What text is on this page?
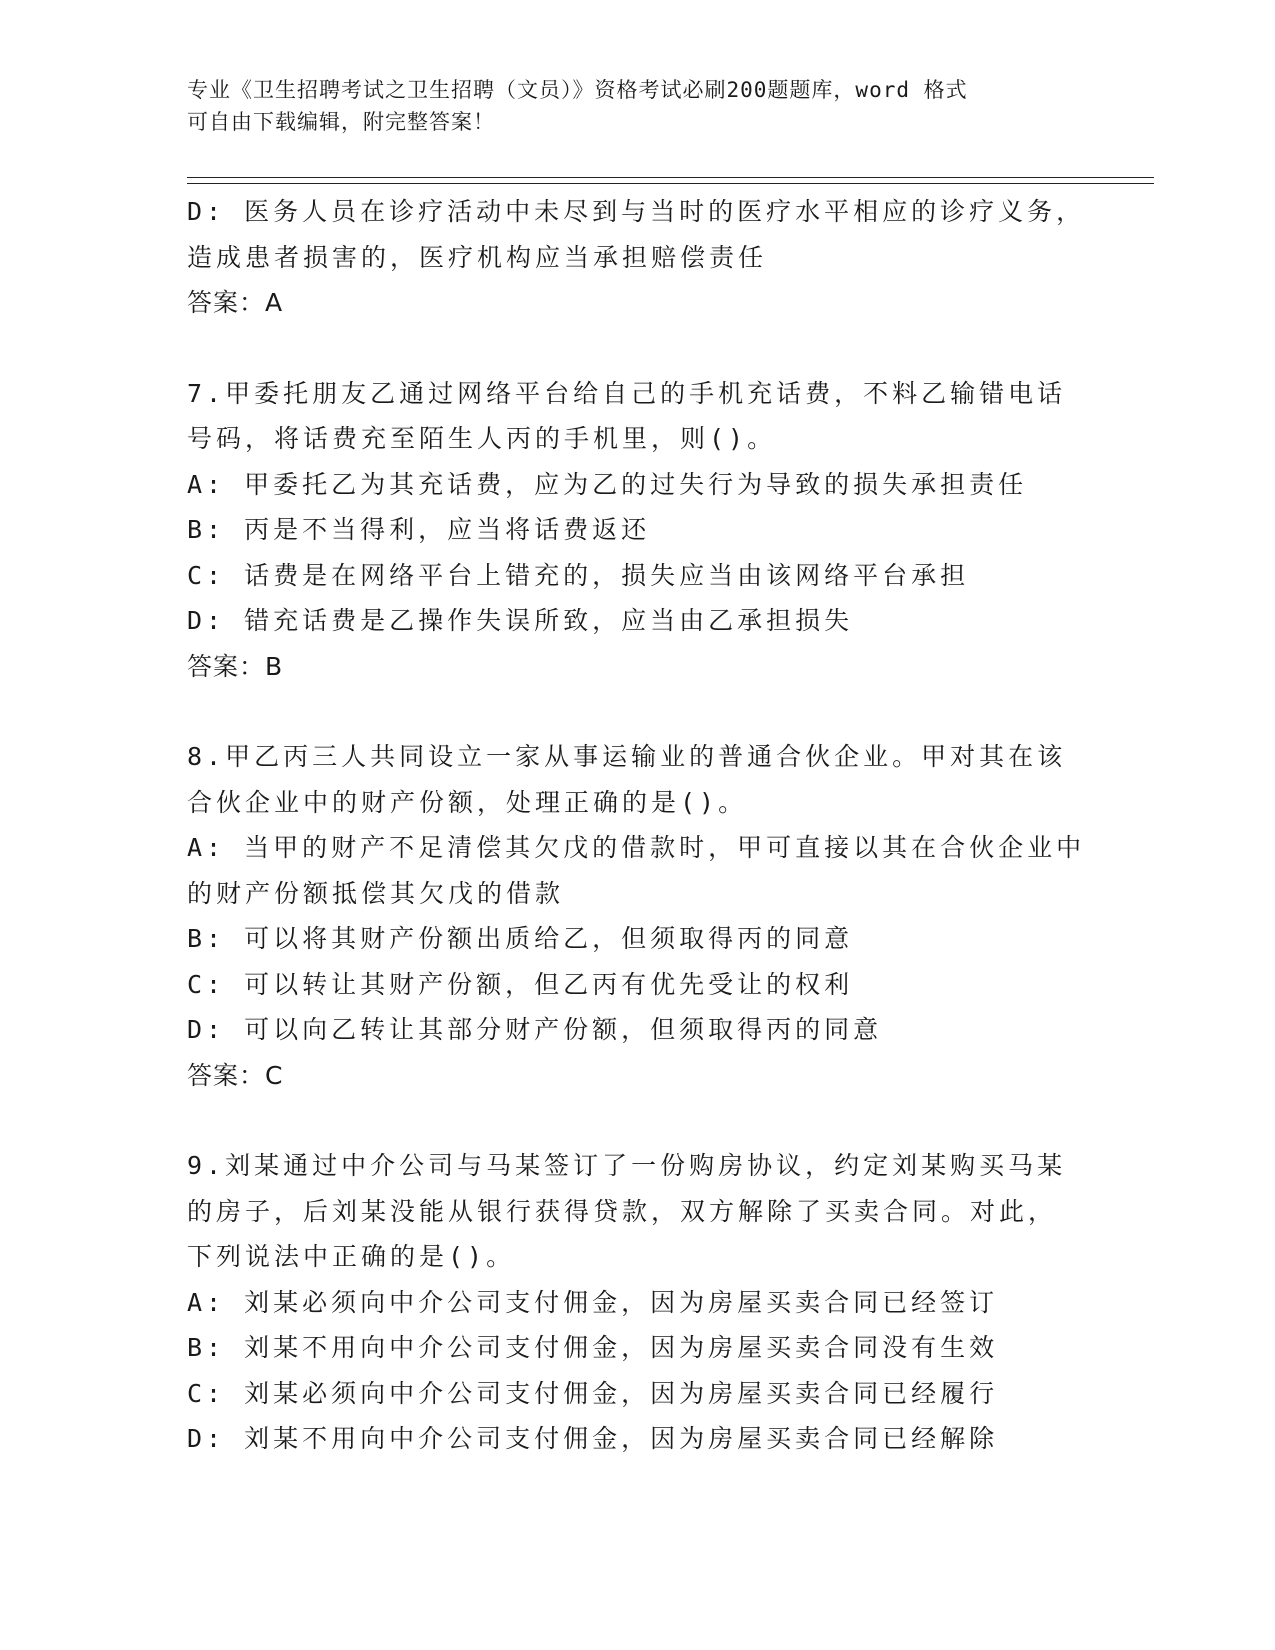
专业《卫生招聘考试之卫生招聘（文员）》资格考试必刷200题题库，word 格式
可自由下载编辑，附完整答案！
D: 医务人员在诊疗活动中未尽到与当时的医疗水平相应的诊疗义务，
造成患者损害的，医疗机构应当承担赔偿责任
答案：A
7.甲委托朋友乙通过网络平台给自己的手机充话费，不料乙输错电话
号码，将话费充至陌生人丙的手机里，则()。
A: 甲委托乙为其充话费，应为乙的过失行为导致的损失承担责任
B: 丙是不当得利，应当将话费返还
C: 话费是在网络平台上错充的，损失应当由该网络平台承担
D: 错充话费是乙操作失误所致，应当由乙承担损失
答案：B
8.甲乙丙三人共同设立一家从事运输业的普通合伙企业。甲对其在该
合伙企业中的财产份额，处理正确的是()。
A: 当甲的财产不足清偿其欠戊的借款时，甲可直接以其在合伙企业中
的财产份额抵偿其欠戊的借款
B: 可以将其财产份额出质给乙，但须取得丙的同意
C: 可以转让其财产份额，但乙丙有优先受让的权利
D: 可以向乙转让其部分财产份额，但须取得丙的同意
答案：C
9.刘某通过中介公司与马某签订了一份购房协议，约定刘某购买马某
的房子，后刘某没能从银行获得贷款，双方解除了买卖合同。对此，
下列说法中正确的是()。
A: 刘某必须向中介公司支付佣金，因为房屋买卖合同已经签订
B: 刘某不用向中介公司支付佣金，因为房屋买卖合同没有生效
C: 刘某必须向中介公司支付佣金，因为房屋买卖合同已经履行
D: 刘某不用向中介公司支付佣金，因为房屋买卖合同已经解除
